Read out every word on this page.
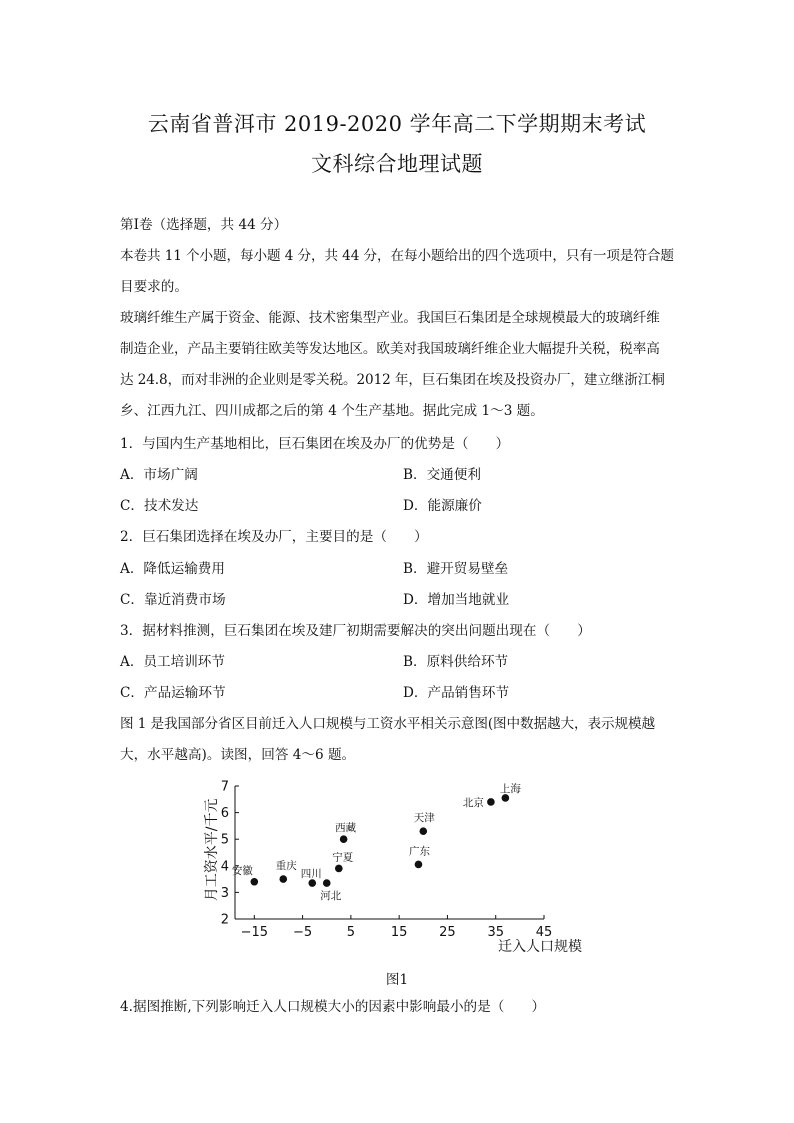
云南省普洱市 2019-2020 学年高二下学期期末考试
文科综合地理试题
第Ⅰ卷（选择题，共 44 分）
本卷共 11 个小题，每小题 4 分，共 44 分，在每小题给出的四个选项中，只有一项是符合题
目要求的。
玻璃纤维生产属于资金、能源、技术密集型产业。我国巨石集团是全球规模最大的玻璃纤维
制造企业，产品主要销往欧美等发达地区。欧美对我国玻璃纤维企业大幅提升关税，税率高
达 24.8，而对非洲的企业则是零关税。2012 年，巨石集团在埃及投资办厂，建立继浙江桐
乡、江西九江、四川成都之后的第 4 个生产基地。据此完成 1～3 题。
1．与国内生产基地相比，巨石集团在埃及办厂的优势是（　　）
A．市场广阔	B．交通便利
C．技术发达	D．能源廉价
2．巨石集团选择在埃及办厂，主要目的是（　　）
A．降低运输费用	B．避开贸易壁垒
C．靠近消费市场	D．增加当地就业
3．据材料推测，巨石集团在埃及建厂初期需要解决的突出问题出现在（　　）
A．员工培训环节	B．原料供给环节
C．产品运输环节	D．产品销售环节
图 1 是我国部分省区目前迁入人口规模与工资水平相关示意图(图中数据越大，表示规模越
大，水平越高)。读图，回答 4～6 题。
2
3
4
5
6
7
−15 −5	5	15 25 35 45
迁入人口规模
月工资水平/千元 安徽 重庆
四川
河北
宁夏
西藏
广东
天津
北京
上海
图1
4.据图推断,下列影响迁入人口规模大小的因素中影响最小的是（　　）
